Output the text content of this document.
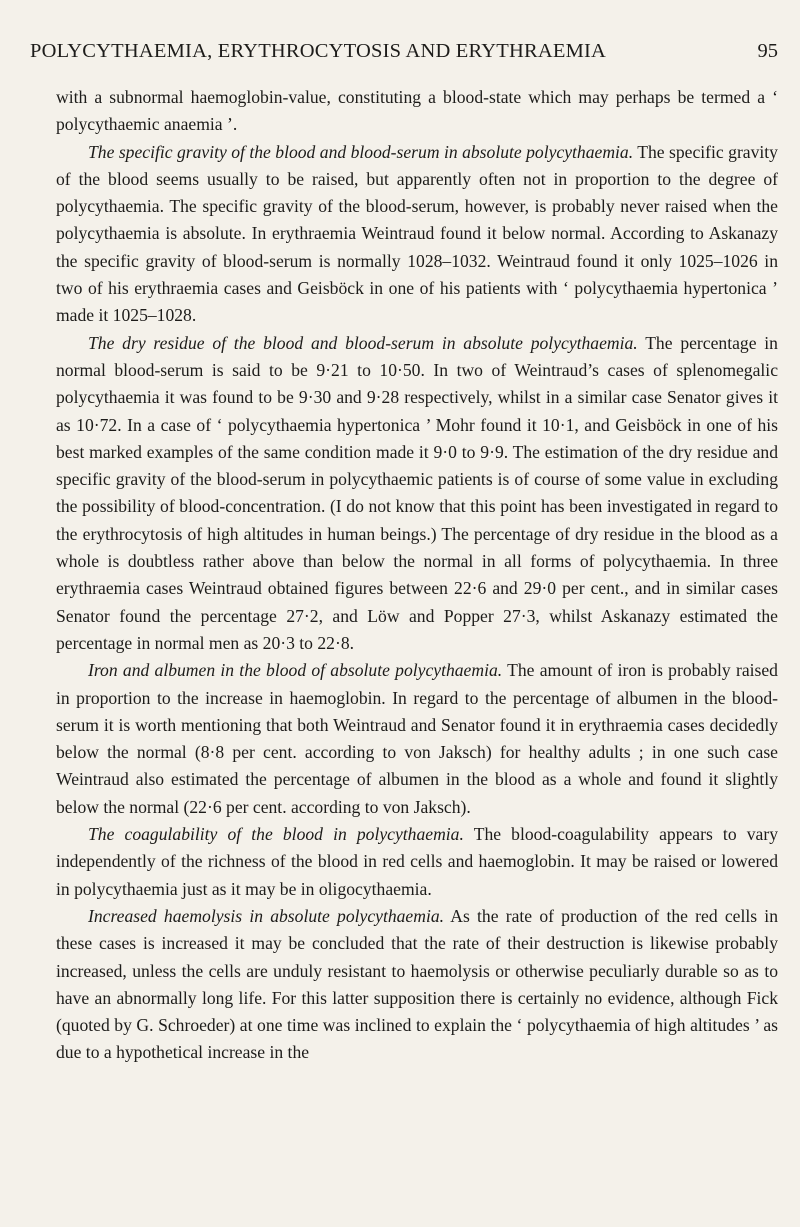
POLYCYTHAEMIA, ERYTHROCYTOSIS AND ERYTHRAEMIA	95

with a subnormal haemoglobin-value, constituting a blood-state which may perhaps be termed a ‘ polycythaemic anaemia ’.

The specific gravity of the blood and blood-serum in absolute polycythaemia. The specific gravity of the blood seems usually to be raised, but apparently often not in proportion to the degree of polycythaemia. The specific gravity of the blood-serum, however, is probably never raised when the polycythaemia is absolute. In erythraemia Weintraud found it below normal. According to Askanazy the specific gravity of blood-serum is normally 1028–1032. Weintraud found it only 1025–1026 in two of his erythraemia cases and Geisböck in one of his patients with ‘ polycythaemia hypertonica ’ made it 1025–1028.

The dry residue of the blood and blood-serum in absolute polycythaemia. The percentage in normal blood-serum is said to be 9·21 to 10·50. In two of Weintraud’s cases of splenomegalic polycythaemia it was found to be 9·30 and 9·28 respectively, whilst in a similar case Senator gives it as 10·72. In a case of ‘ polycythaemia hypertonica ’ Mohr found it 10·1, and Geisböck in one of his best marked examples of the same condition made it 9·0 to 9·9. The estimation of the dry residue and specific gravity of the blood-serum in polycythaemic patients is of course of some value in excluding the possibility of blood-concentration. (I do not know that this point has been investigated in regard to the erythrocytosis of high altitudes in human beings.) The percentage of dry residue in the blood as a whole is doubtless rather above than below the normal in all forms of polycythaemia. In three erythraemia cases Weintraud obtained figures between 22·6 and 29·0 per cent., and in similar cases Senator found the percentage 27·2, and Löw and Popper 27·3, whilst Askanazy estimated the percentage in normal men as 20·3 to 22·8.

Iron and albumen in the blood of absolute polycythaemia. The amount of iron is probably raised in proportion to the increase in haemoglobin. In regard to the percentage of albumen in the blood-serum it is worth mentioning that both Weintraud and Senator found it in erythraemia cases decidedly below the normal (8·8 per cent. according to von Jaksch) for healthy adults ; in one such case Weintraud also estimated the percentage of albumen in the blood as a whole and found it slightly below the normal (22·6 per cent. according to von Jaksch).

The coagulability of the blood in polycythaemia. The blood-coagulability appears to vary independently of the richness of the blood in red cells and haemoglobin. It may be raised or lowered in polycythaemia just as it may be in oligocythaemia.

Increased haemolysis in absolute polycythaemia. As the rate of production of the red cells in these cases is increased it may be concluded that the rate of their destruction is likewise probably increased, unless the cells are unduly resistant to haemolysis or otherwise peculiarly durable so as to have an abnormally long life. For this latter supposition there is certainly no evidence, although Fick (quoted by G. Schroeder) at one time was inclined to explain the ‘ polycythaemia of high altitudes ’ as due to a hypothetical increase in the
